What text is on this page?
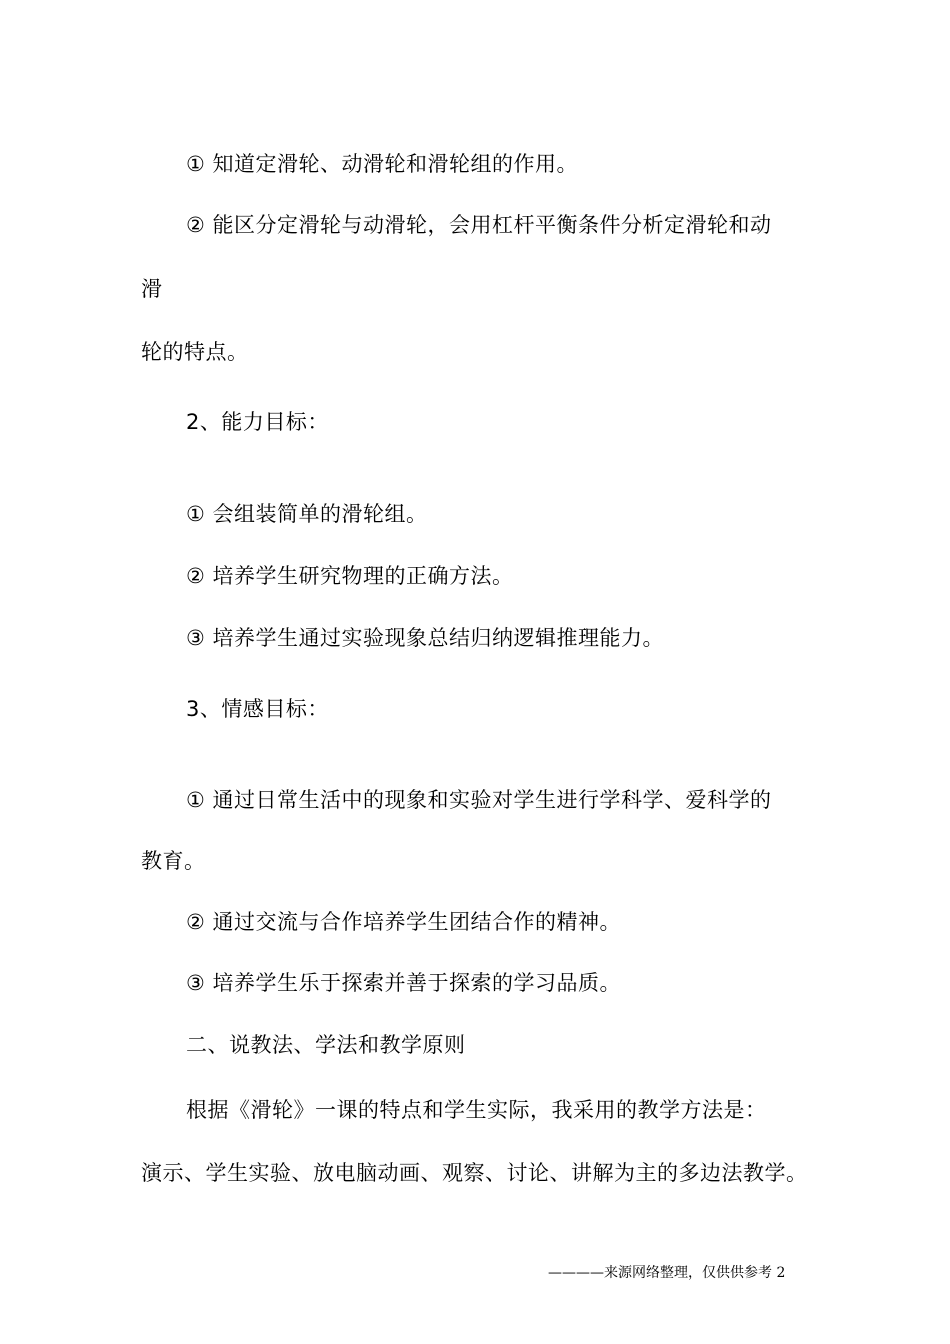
① 知道定滑轮、动滑轮和滑轮组的作用。
② 能区分定滑轮与动滑轮，会用杠杆平衡条件分析定滑轮和动
滑
轮的特点。
2、能力目标：
① 会组装简单的滑轮组。
② 培养学生研究物理的正确方法。
③ 培养学生通过实验现象总结归纳逻辑推理能力。
3、情感目标：
① 通过日常生活中的现象和实验对学生进行学科学、爱科学的
教育。
② 通过交流与合作培养学生团结合作的精神。
③ 培养学生乐于探索并善于探索的学习品质。
二、说教法、学法和教学原则
根据《滑轮》一课的特点和学生实际，我采用的教学方法是：
演示、学生实验、放电脑动画、观察、讨论、讲解为主的多边法教学。
————来源网络整理，仅供供参考 2
